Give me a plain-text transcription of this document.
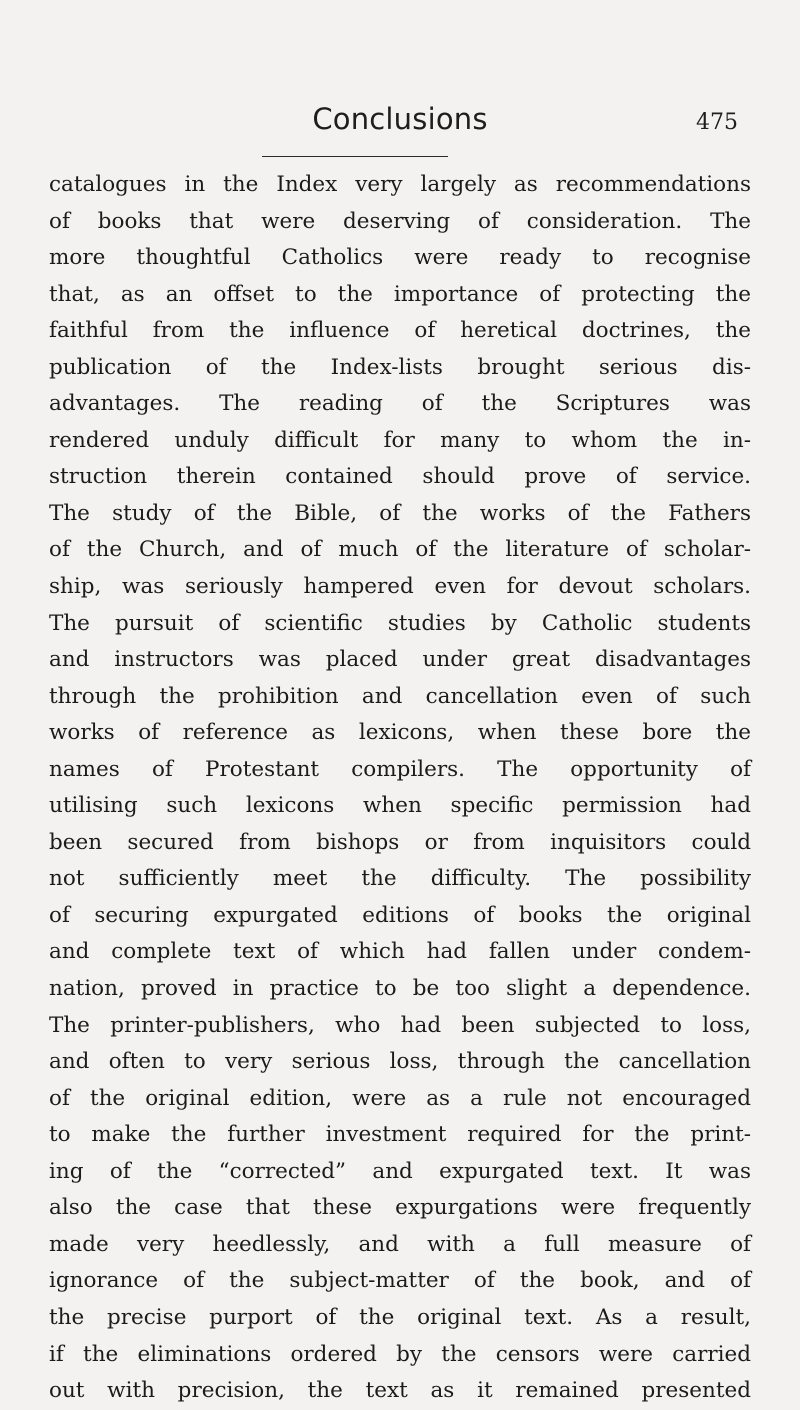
Conclusions	475
catalogues in the Index very largely as recommendations
of books that were deserving of consideration. The
more thoughtful Catholics were ready to recognise
that, as an offset to the importance of protecting the
faithful from the influence of heretical doctrines, the
publication of the Index-lists brought serious dis-
advantages. The reading of the Scriptures was
rendered unduly difficult for many to whom the in-
struction therein contained should prove of service.
The study of the Bible, of the works of the Fathers
of the Church, and of much of the literature of scholar-
ship, was seriously hampered even for devout scholars.
The pursuit of scientific studies by Catholic students
and instructors was placed under great disadvantages
through the prohibition and cancellation even of such
works of reference as lexicons, when these bore the
names of Protestant compilers. The opportunity of
utilising such lexicons when specific permission had
been secured from bishops or from inquisitors could
not sufficiently meet the difficulty. The possibility
of securing expurgated editions of books the original
and complete text of which had fallen under condem-
nation, proved in practice to be too slight a dependence.
The printer-publishers, who had been subjected to loss,
and often to very serious loss, through the cancellation
of the original edition, were as a rule not encouraged
to make the further investment required for the print-
ing of the “corrected” and expurgated text. It was
also the case that these expurgations were frequently
made very heedlessly, and with a full measure of
ignorance of the subject-matter of the book, and of
the precise purport of the original text. As a result,
if the eliminations ordered by the censors were carried
out with precision, the text as it remained presented
